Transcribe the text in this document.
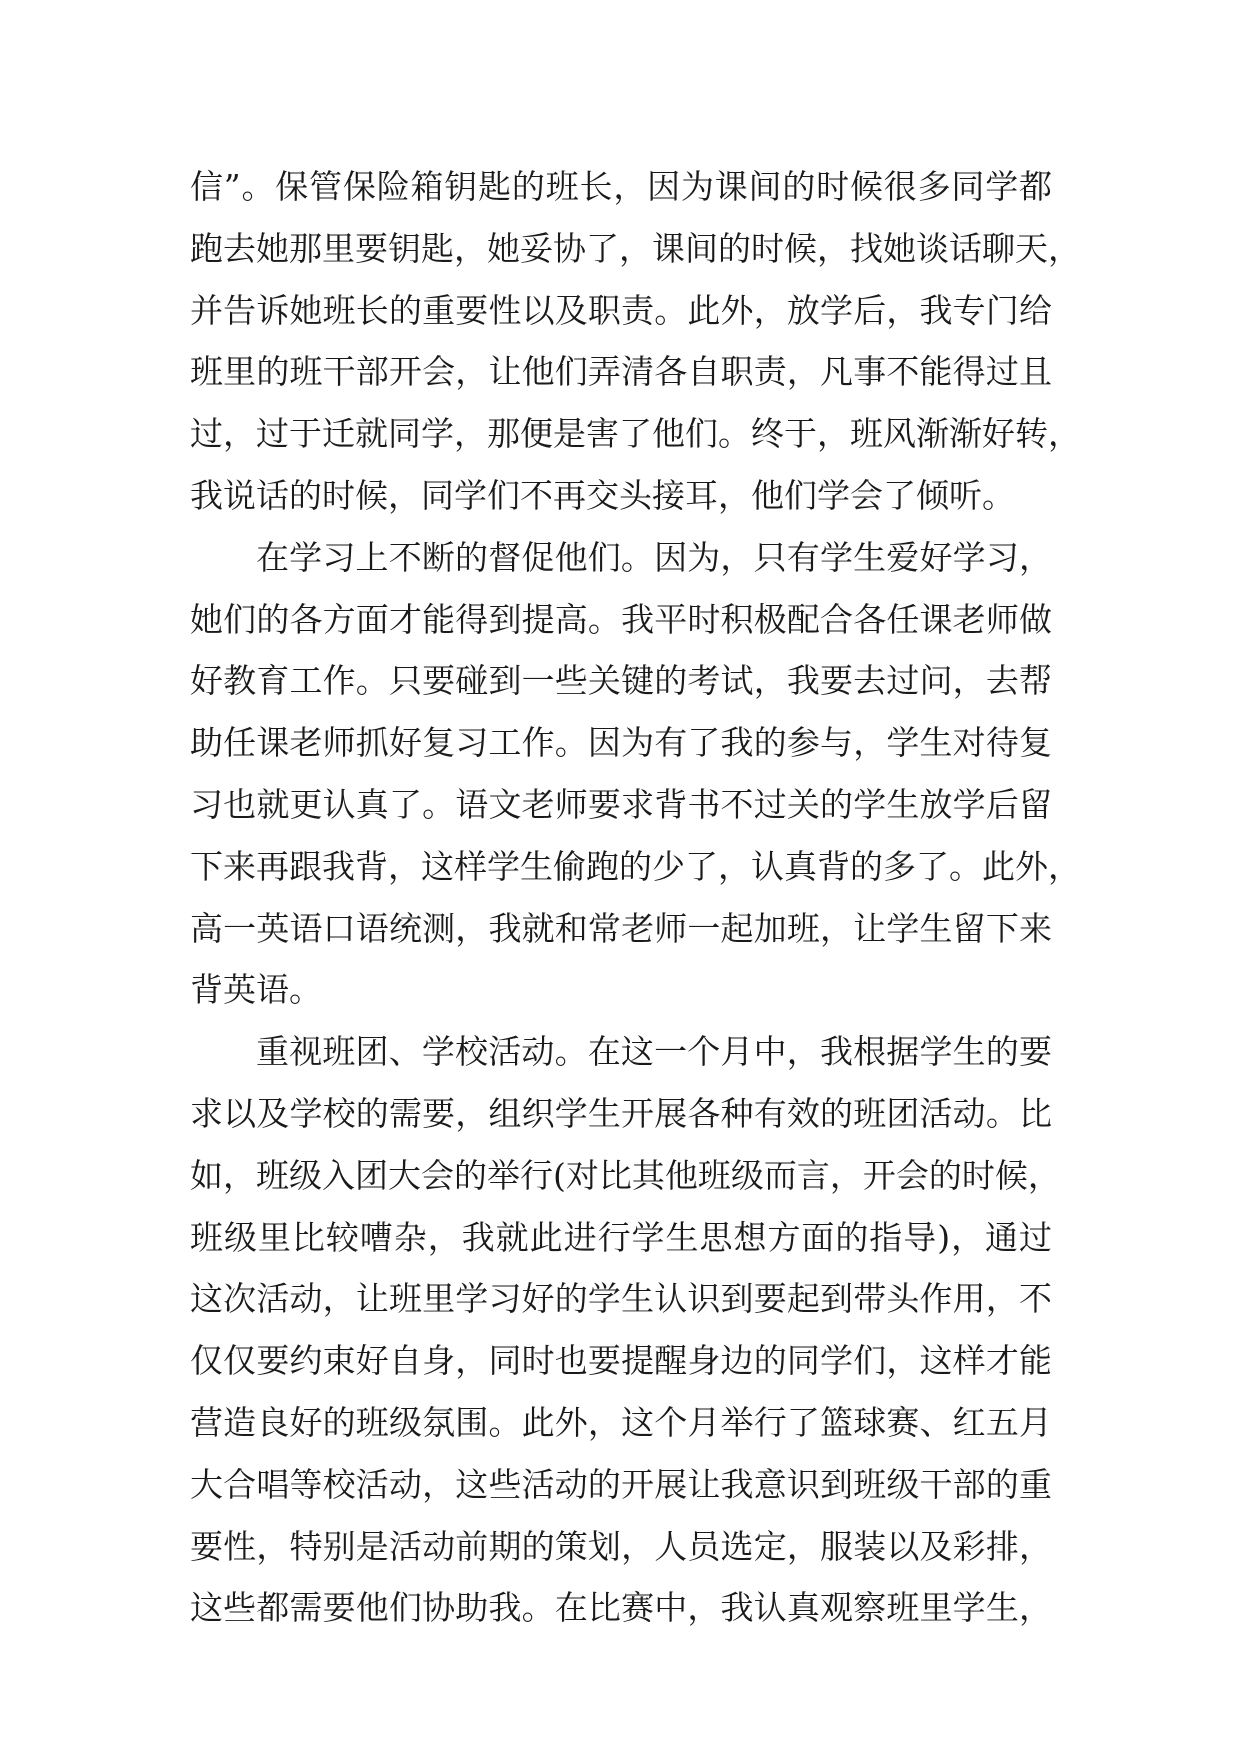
信”。保管保险箱钥匙的班长，因为课间的时候很多同学都
跑去她那里要钥匙，她妥协了，课间的时候，找她谈话聊天，
并告诉她班长的重要性以及职责。此外，放学后，我专门给
班里的班干部开会，让他们弄清各自职责，凡事不能得过且
过，过于迁就同学，那便是害了他们。终于，班风渐渐好转，
我说话的时候，同学们不再交头接耳，他们学会了倾听。
在学习上不断的督促他们。因为，只有学生爱好学习，
她们的各方面才能得到提高。我平时积极配合各任课老师做
好教育工作。只要碰到一些关键的考试，我要去过问，去帮
助任课老师抓好复习工作。因为有了我的参与，学生对待复
习也就更认真了。语文老师要求背书不过关的学生放学后留
下来再跟我背，这样学生偷跑的少了，认真背的多了。此外，
高一英语口语统测，我就和常老师一起加班，让学生留下来
背英语。
重视班团、学校活动。在这一个月中，我根据学生的要
求以及学校的需要，组织学生开展各种有效的班团活动。比
如，班级入团大会的举行(对比其他班级而言，开会的时候，
班级里比较嘈杂，我就此进行学生思想方面的指导)，通过
这次活动，让班里学习好的学生认识到要起到带头作用，不
仅仅要约束好自身，同时也要提醒身边的同学们，这样才能
营造良好的班级氛围。此外，这个月举行了篮球赛、红五月
大合唱等校活动，这些活动的开展让我意识到班级干部的重
要性，特别是活动前期的策划，人员选定，服装以及彩排，
这些都需要他们协助我。在比赛中，我认真观察班里学生，
